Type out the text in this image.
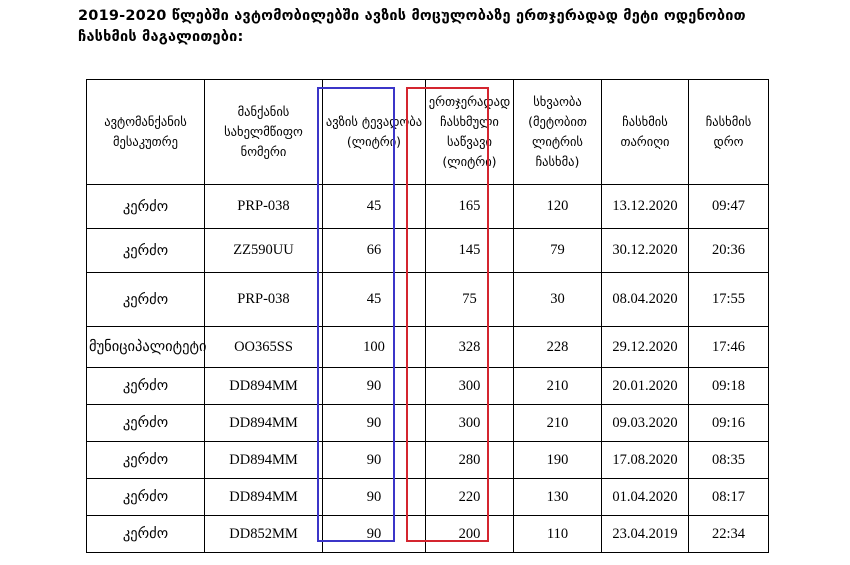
2019-2020 წლებში ავტომობილებში ავზის მოცულობაზე ერთჯერადად მეტი ოდენობით ჩასხმის მაგალითები:
ავტომანქანის მესაკუთრე	მანქანის სახელმწიფო ნომერი	ავზის ტევადობა (ლიტრი)	ერთჯერადად ჩასხმული საწვავი (ლიტრი)	სხვაობა (მეტობით ლიტრის ჩასხმა)	ჩასხმის თარიღი	ჩასხმის დრო
კერძო	PRP-038	45	165	120	13.12.2020	09:47
კერძო	ZZ590UU	66	145	79	30.12.2020	20:36
კერძო	PRP-038	45	75	30	08.04.2020	17:55
მუნიციპალიტეტი	OO365SS	100	328	228	29.12.2020	17:46
კერძო	DD894MM	90	300	210	20.01.2020	09:18
კერძო	DD894MM	90	300	210	09.03.2020	09:16
კერძო	DD894MM	90	280	190	17.08.2020	08:35
კერძო	DD894MM	90	220	130	01.04.2020	08:17
კერძო	DD852MM	90	200	110	23.04.2019	22:34
